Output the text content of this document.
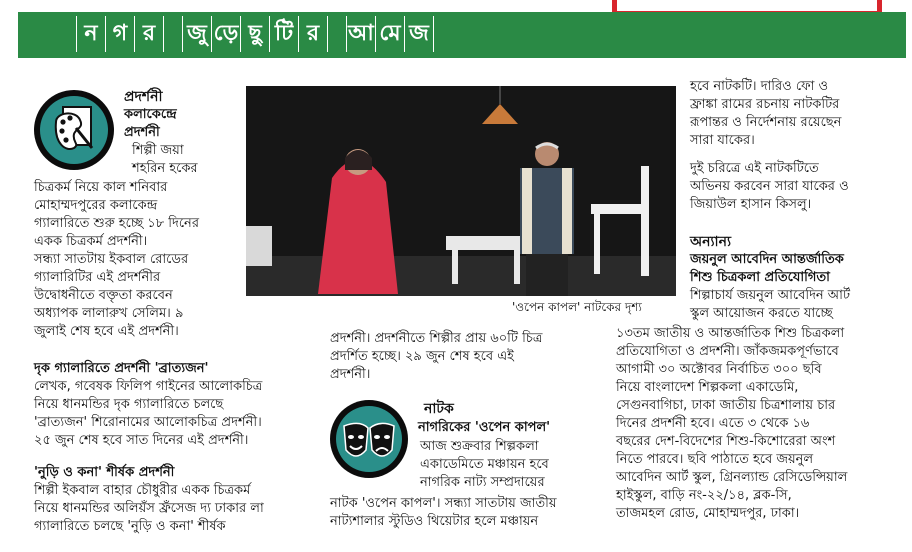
ন গ র	জু ড়ে ছু টি র	আ মে জ
প্রদর্শনী
কলাকেন্দ্রে
প্রদর্শনী
শিল্পী জয়া
শহরিন হকের
চিত্রকর্ম নিয়ে কাল শনিবার
মোহাম্মদপুরের কলাকেন্দ্র
গ্যালারিতে শুরু হচ্ছে ১৮ দিনের
একক চিত্রকর্ম প্রদর্শনী।
সন্ধ্যা সাতটায় ইকবাল রোডের
গ্যালারিটির এই প্রদর্শনীর
উদ্বোধনীতে বক্তৃতা করবেন
অধ্যাপক লালারুখ সেলিম। ৯
জুলাই শেষ হবে এই প্রদর্শনী।
দৃক গ্যালারিতে প্রদর্শনী 'ব্রাত্যজন'
লেখক, গবেষক ফিলিপ গাইনের আলোকচিত্র
নিয়ে ধানমন্ডির দৃক গ্যালারিতে চলছে
'ব্রাত্যজন' শিরোনামের আলোকচিত্র প্রদর্শনী।
২৫ জুন শেষ হবে সাত দিনের এই প্রদর্শনী।
'নুড়ি ও কনা' শীর্ষক প্রদর্শনী
শিল্পী ইকবাল বাহার চৌধুরীর একক চিত্রকর্ম
নিয়ে ধানমন্ডির অলিয়ঁস ফ্রঁসেজ দ্য ঢাকার লা
গ্যালারিতে চলছে 'নুড়ি ও কনা' শীর্ষক
'ওপেন কাপল' নাটকের দৃশ্য
প্রদর্শনী। প্রদর্শনীতে শিল্পীর প্রায় ৬০টি চিত্র
প্রদর্শিত হচ্ছে। ২৯ জুন শেষ হবে এই
প্রদর্শনী।
নাটক
নাগরিকের 'ওপেন কাপল'
আজ শুক্রবার শিল্পকলা
একাডেমিতে মঞ্চায়ন হবে
নাগরিক নাট্য সম্প্রদায়ের
নাটক 'ওপেন কাপল'। সন্ধ্যা সাতটায় জাতীয়
নাট্যশালার স্টুডিও থিয়েটার হলে মঞ্চায়ন
হবে নাটকটি। দারিও ফো ও
ফ্রাঙ্কা রামের রচনায় নাটকটির
রূপান্তর ও নির্দেশনায় রয়েছেন
সারা যাকের।
দুই চরিত্রে এই নাটকটিতে
অভিনয় করবেন সারা যাকের ও
জিয়াউল হাসান কিসলু।
অন্যান্য
জয়নুল আবেদিন আন্তর্জাতিক
শিশু চিত্রকলা প্রতিযোগিতা
শিল্পাচার্য জয়নুল আবেদিন আর্ট
স্কুল আয়োজন করতে যাচ্ছে
১৩তম জাতীয় ও আন্তর্জাতিক শিশু চিত্রকলা
প্রতিযোগিতা ও প্রদর্শনী। জাঁকজমকপূর্ণভাবে
আগামী ৩০ অক্টোবর নির্বাচিত ৩০০ ছবি
নিয়ে বাংলাদেশ শিল্পকলা একাডেমি,
সেগুনবাগিচা, ঢাকা জাতীয় চিত্রশালায় চার
দিনের প্রদর্শনী হবে। এতে ৩ থেকে ১৬
বছরের দেশ-বিদেশের শিশু-কিশোরেরা অংশ
নিতে পারবে। ছবি পাঠাতে হবে জয়নুল
আবেদিন আর্ট স্কুল, গ্রিনল্যান্ড রেসিডেন্সিয়াল
হাইস্কুল, বাড়ি নং-২২/১৪, ব্লক-সি,
তাজমহল রোড, মোহাম্মদপুর, ঢাকা।
